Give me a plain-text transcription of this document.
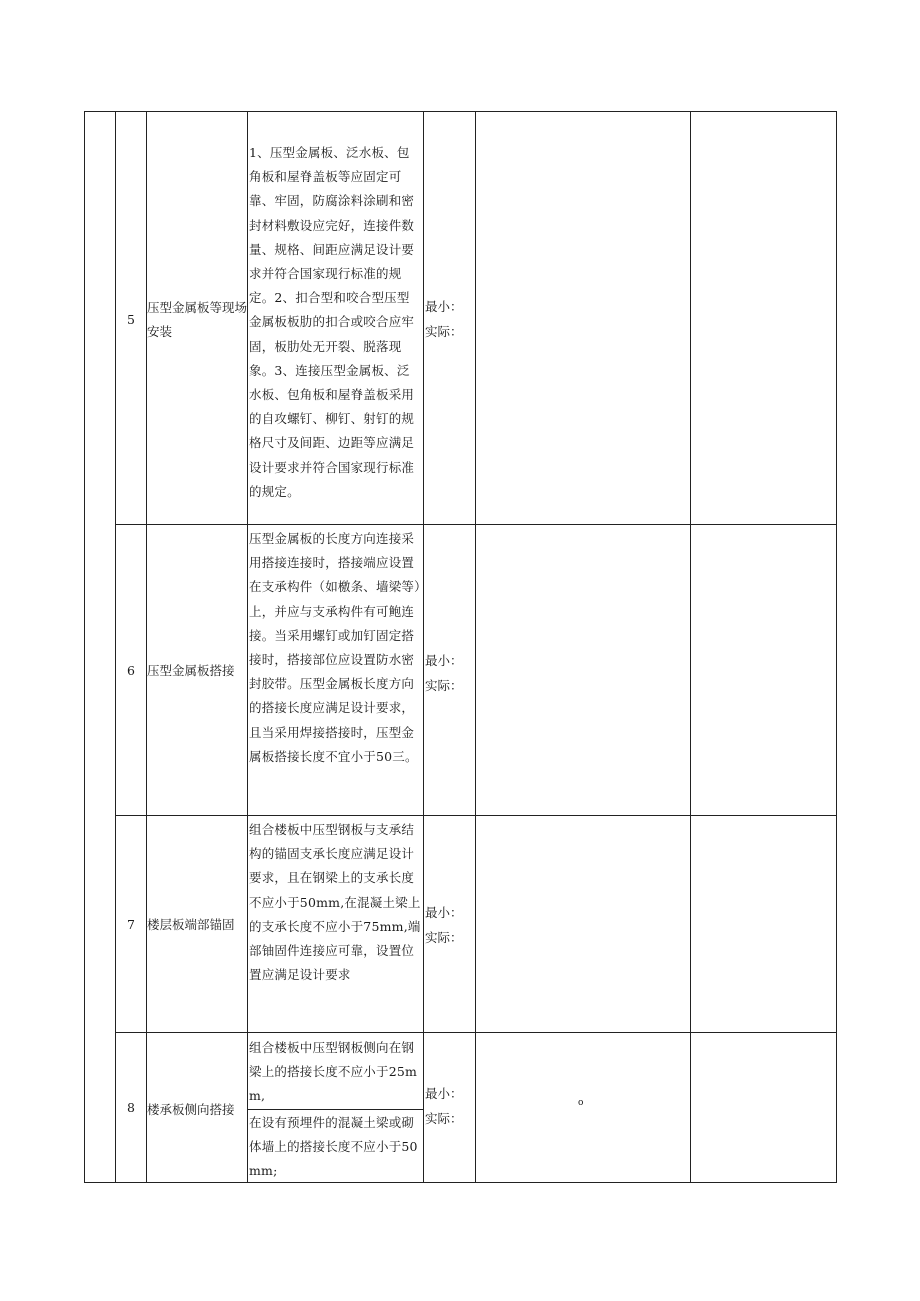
5
压型金属板等现场安装
1、压型金属板、泛水板、包角板和屋脊盖板等应固定可靠、牢固，防腐涂料涂刷和密封材料敷设应完好，连接件数量、规格、间距应满足设计要求并符合国家现行标准的规定。2、扣合型和咬合型压型金属板板肋的扣合或咬合应牢固，板肋处无开裂、脱落现象。3、连接压型金属板、泛水板、包角板和屋脊盖板采用的自攻螺钉、柳钉、射钉的规格尺寸及间距、边距等应满足设计要求并符合国家现行标准的规定。
最小：
实际：
6 压型金属板搭接
压型金属板的长度方向连接采用搭接连接时，搭接端应设置在支承构件（如檄条、墙梁等）上，并应与支承构件有可鲍连接。当采用螺钉或加钉固定搭接时，搭接部位应设置防水密封胶带。压型金属板长度方向的搭接长度应满足设计要求，且当采用焊接搭接时，压型金属板搭接长度不宜小于50三。
最小：
实际：
7 楼层板端部锚固
组合楼板中压型钢板与支承结构的锚固支承长度应满足设计要求，且在钢梁上的支承长度不应小于50mm,在混凝土梁上的支承长度不应小于75mm,端部铀固件连接应可靠，设置位置应满足设计要求
最小：
实际：
8 楼承板侧向搭接
组合楼板中压型钢板侧向在钢梁上的搭接长度不应小于25mm,
在设有预埋件的混凝土梁或砌体墙上的搭接长度不应小于50mm;
最小：
实际：
o
